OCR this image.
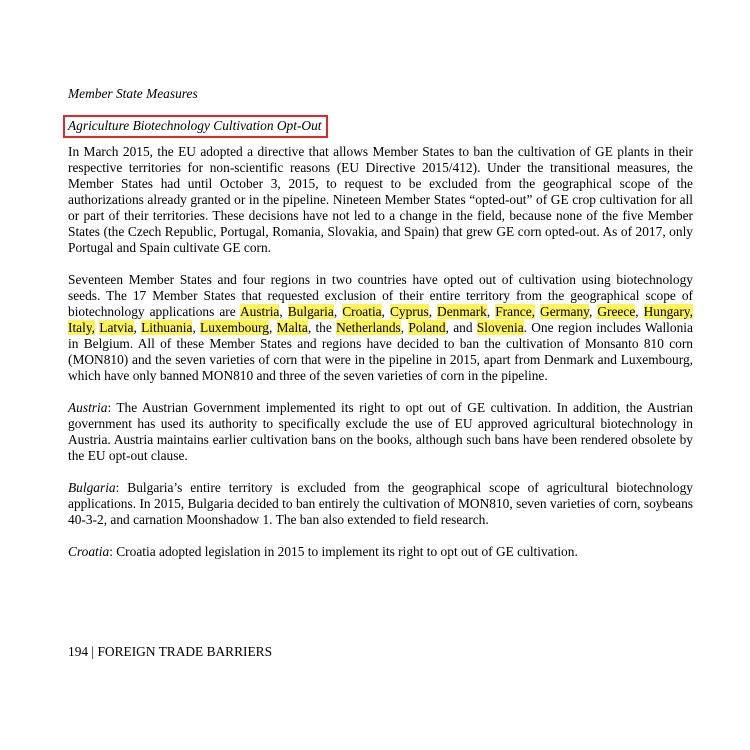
Member State Measures
Agriculture Biotechnology Cultivation Opt-Out

In March 2015, the EU adopted a directive that allows Member States to ban the cultivation of GE plants in their respective territories for non-scientific reasons (EU Directive 2015/412). Under the transitional measures, the Member States had until October 3, 2015, to request to be excluded from the geographical scope of the authorizations already granted or in the pipeline. Nineteen Member States “opted-out” of GE crop cultivation for all or part of their territories. These decisions have not led to a change in the field, because none of the five Member States (the Czech Republic, Portugal, Romania, Slovakia, and Spain) that grew GE corn opted-out. As of 2017, only Portugal and Spain cultivate GE corn.

Seventeen Member States and four regions in two countries have opted out of cultivation using biotechnology seeds. The 17 Member States that requested exclusion of their entire territory from the geographical scope of biotechnology applications are Austria, Bulgaria, Croatia, Cyprus, Denmark, France, Germany, Greece, Hungary, Italy, Latvia, Lithuania, Luxembourg, Malta, the Netherlands, Poland, and Slovenia. One region includes Wallonia in Belgium. All of these Member States and regions have decided to ban the cultivation of Monsanto 810 corn (MON810) and the seven varieties of corn that were in the pipeline in 2015, apart from Denmark and Luxembourg, which have only banned MON810 and three of the seven varieties of corn in the pipeline.

Austria: The Austrian Government implemented its right to opt out of GE cultivation. In addition, the Austrian government has used its authority to specifically exclude the use of EU approved agricultural biotechnology in Austria. Austria maintains earlier cultivation bans on the books, although such bans have been rendered obsolete by the EU opt-out clause.

Bulgaria: Bulgaria’s entire territory is excluded from the geographical scope of agricultural biotechnology applications. In 2015, Bulgaria decided to ban entirely the cultivation of MON810, seven varieties of corn, soybeans 40-3-2, and carnation Moonshadow 1. The ban also extended to field research.

Croatia: Croatia adopted legislation in 2015 to implement its right to opt out of GE cultivation.

194 | FOREIGN TRADE BARRIERS
